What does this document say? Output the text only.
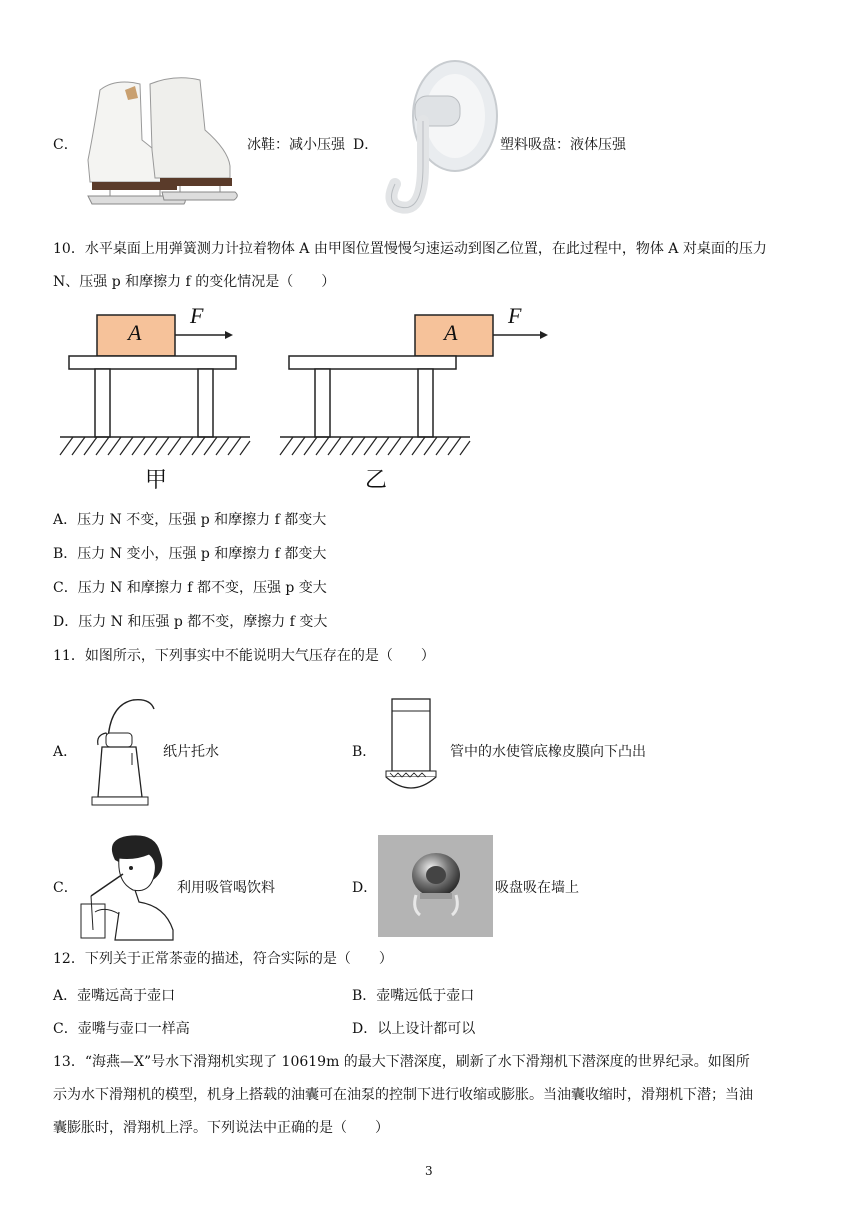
C．	冰鞋：减小压强 D．	塑料吸盘：液体压强
10．水平桌面上用弹簧测力计拉着物体 A 由甲图位置慢慢匀速运动到图乙位置，在此过程中，物体 A 对桌面的压力
N、压强 p 和摩擦力 f 的变化情况是（　　）
A
F
甲
A
F
乙
A．压力 N 不变，压强 p 和摩擦力 f 都变大
B．压力 N 变小，压强 p 和摩擦力 f 都变大
C．压力 N 和摩擦力 f 都不变，压强 p 变大
D．压力 N 和压强 p 都不变，摩擦力 f 变大
11．如图所示，下列事实中不能说明大气压存在的是（　　）
A．	纸片托水	B．	管中的水使管底橡皮膜向下凸出
C．	利用吸管喝饮料	D．	吸盘吸在墙上
12．下列关于正常茶壶的描述，符合实际的是（　　）
A．壶嘴远高于壶口	B．壶嘴远低于壶口
C．壶嘴与壶口一样高	D．以上设计都可以
13．“海燕—X”号水下滑翔机实现了 10619m 的最大下潜深度，刷新了水下滑翔机下潜深度的世界纪录。如图所
示为水下滑翔机的模型，机身上搭载的油囊可在油泵的控制下进行收缩或膨胀。当油囊收缩时，滑翔机下潜；当油
囊膨胀时，滑翔机上浮。下列说法中正确的是（　　）
3
